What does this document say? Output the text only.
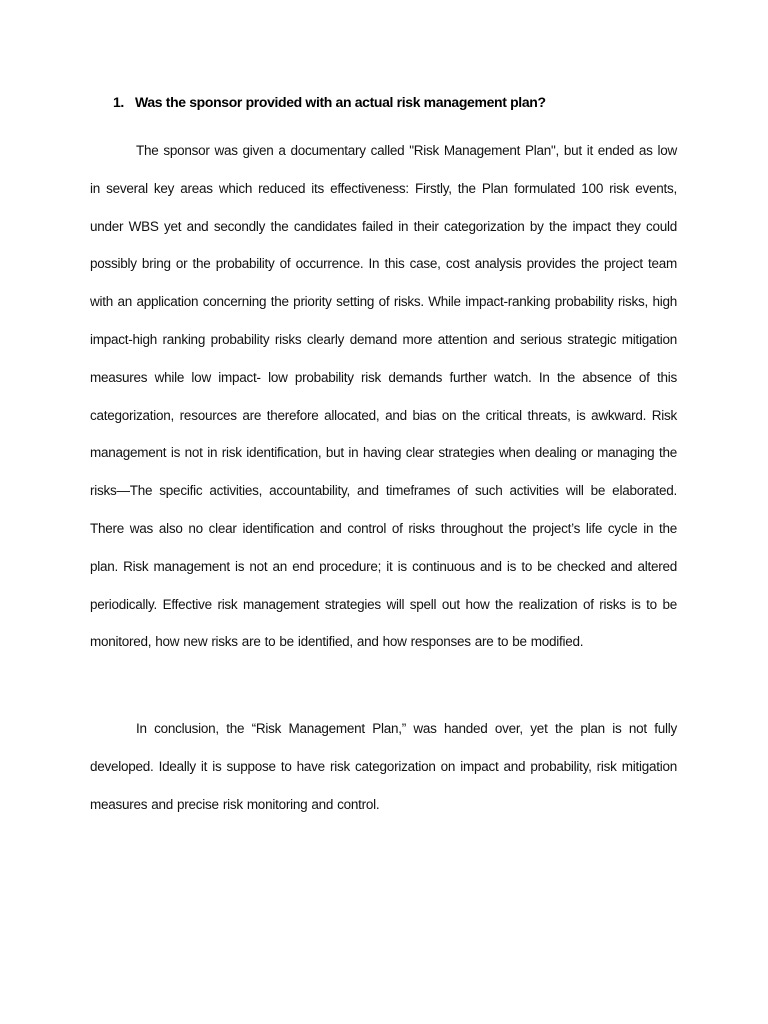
1. Was the sponsor provided with an actual risk management plan?

The sponsor was given a documentary called "Risk Management Plan", but it ended as low in several key areas which reduced its effectiveness: Firstly, the Plan formulated 100 risk events, under WBS yet and secondly the candidates failed in their categorization by the impact they could possibly bring or the probability of occurrence. In this case, cost analysis provides the project team with an application concerning the priority setting of risks. While impact-ranking probability risks, high impact-high ranking probability risks clearly demand more attention and serious strategic mitigation measures while low impact- low probability risk demands further watch. In the absence of this categorization, resources are therefore allocated, and bias on the critical threats, is awkward. Risk management is not in risk identification, but in having clear strategies when dealing or managing the risks—The specific activities, accountability, and timeframes of such activities will be elaborated. There was also no clear identification and control of risks throughout the project’s life cycle in the plan. Risk management is not an end procedure; it is continuous and is to be checked and altered periodically. Effective risk management strategies will spell out how the realization of risks is to be monitored, how new risks are to be identified, and how responses are to be modified.

In conclusion, the “Risk Management Plan,” was handed over, yet the plan is not fully developed. Ideally it is suppose to have risk categorization on impact and probability, risk mitigation measures and precise risk monitoring and control.
